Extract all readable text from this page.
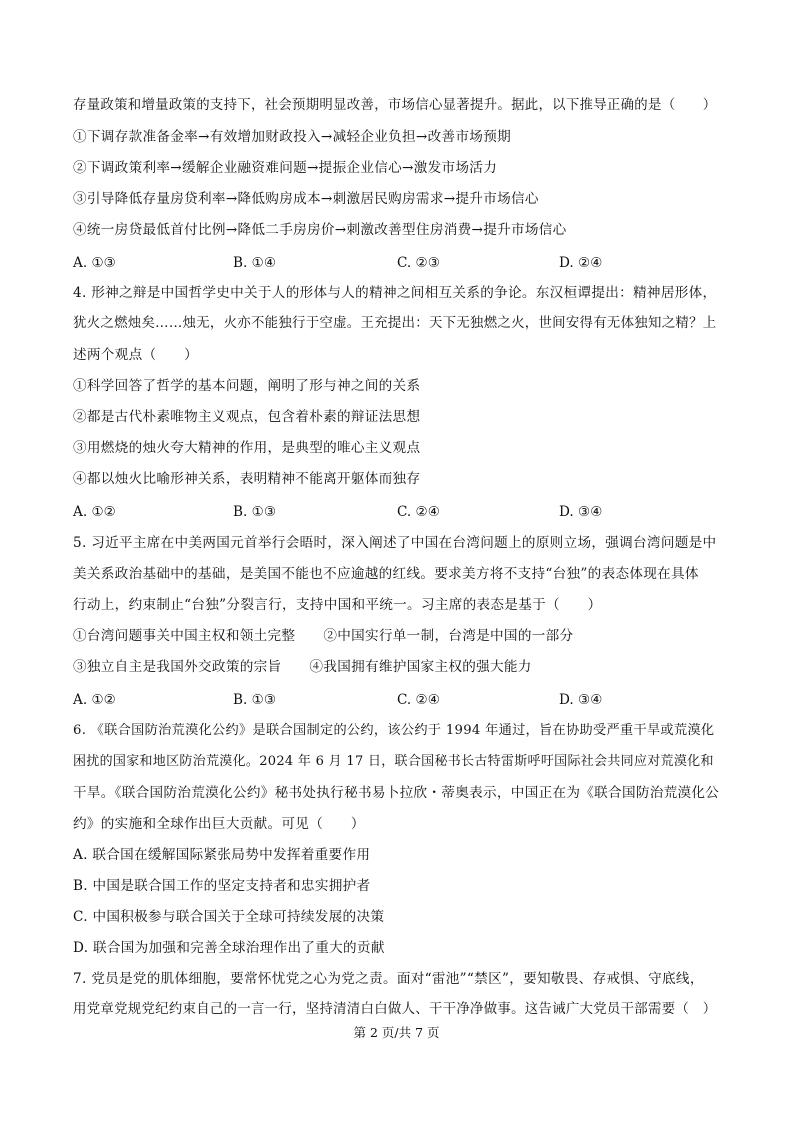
存量政策和增量政策的支持下，社会预期明显改善，市场信心显著提升。据此，以下推导正确的是（　　）
①下调存款准备金率→有效增加财政投入→减轻企业负担→改善市场预期
②下调政策利率→缓解企业融资难问题→提振企业信心→激发市场活力
③引导降低存量房贷利率→降低购房成本→刺激居民购房需求→提升市场信心
④统一房贷最低首付比例→降低二手房房价→刺激改善型住房消费→提升市场信心
A. ①③	B. ①④	C. ②③	D. ②④
4. 形神之辩是中国哲学史中关于人的形体与人的精神之间相互关系的争论。东汉桓谭提出：精神居形体，
犹火之燃烛矣……烛无，火亦不能独行于空虚。王充提出：天下无独燃之火，世间安得有无体独知之精？上
述两个观点（　　）
①科学回答了哲学的基本问题，阐明了形与神之间的关系
②都是古代朴素唯物主义观点，包含着朴素的辩证法思想
③用燃烧的烛火夸大精神的作用，是典型的唯心主义观点
④都以烛火比喻形神关系，表明精神不能离开躯体而独存
A. ①②	B. ①③	C. ②④	D. ③④
5. 习近平主席在中美两国元首举行会晤时，深入阐述了中国在台湾问题上的原则立场，强调台湾问题是中
美关系政治基础中的基础，是美国不能也不应逾越的红线。要求美方将不支持“台独”的表态体现在具体
行动上，约束制止“台独”分裂言行，支持中国和平统一。习主席的表态是基于（　　）
①台湾问题事关中国主权和领土完整 ②中国实行单一制，台湾是中国的一部分
③独立自主是我国外交政策的宗旨 ④我国拥有维护国家主权的强大能力
A. ①②	B. ①③	C. ②④	D. ③④
6. 《联合国防治荒漠化公约》是联合国制定的公约，该公约于 1994 年通过，旨在协助受严重干旱或荒漠化
困扰的国家和地区防治荒漠化。2024 年 6 月 17 日，联合国秘书长古特雷斯呼吁国际社会共同应对荒漠化和
干旱。《联合国防治荒漠化公约》秘书处执行秘书易卜拉欣・蒂奥表示，中国正在为《联合国防治荒漠化公
约》的实施和全球作出巨大贡献。可见（　　）
A. 联合国在缓解国际紧张局势中发挥着重要作用
B. 中国是联合国工作的坚定支持者和忠实拥护者
C. 中国积极参与联合国关于全球可持续发展的决策
D. 联合国为加强和完善全球治理作出了重大的贡献
7. 党员是党的肌体细胞，要常怀忧党之心为党之责。面对“雷池”“禁区”，要知敬畏、存戒惧、守底线，
用党章党规党纪约束自己的一言一行，坚持清清白白做人、干干净净做事。这告诫广大党员干部需要（　）
第 2 页/共 7 页
